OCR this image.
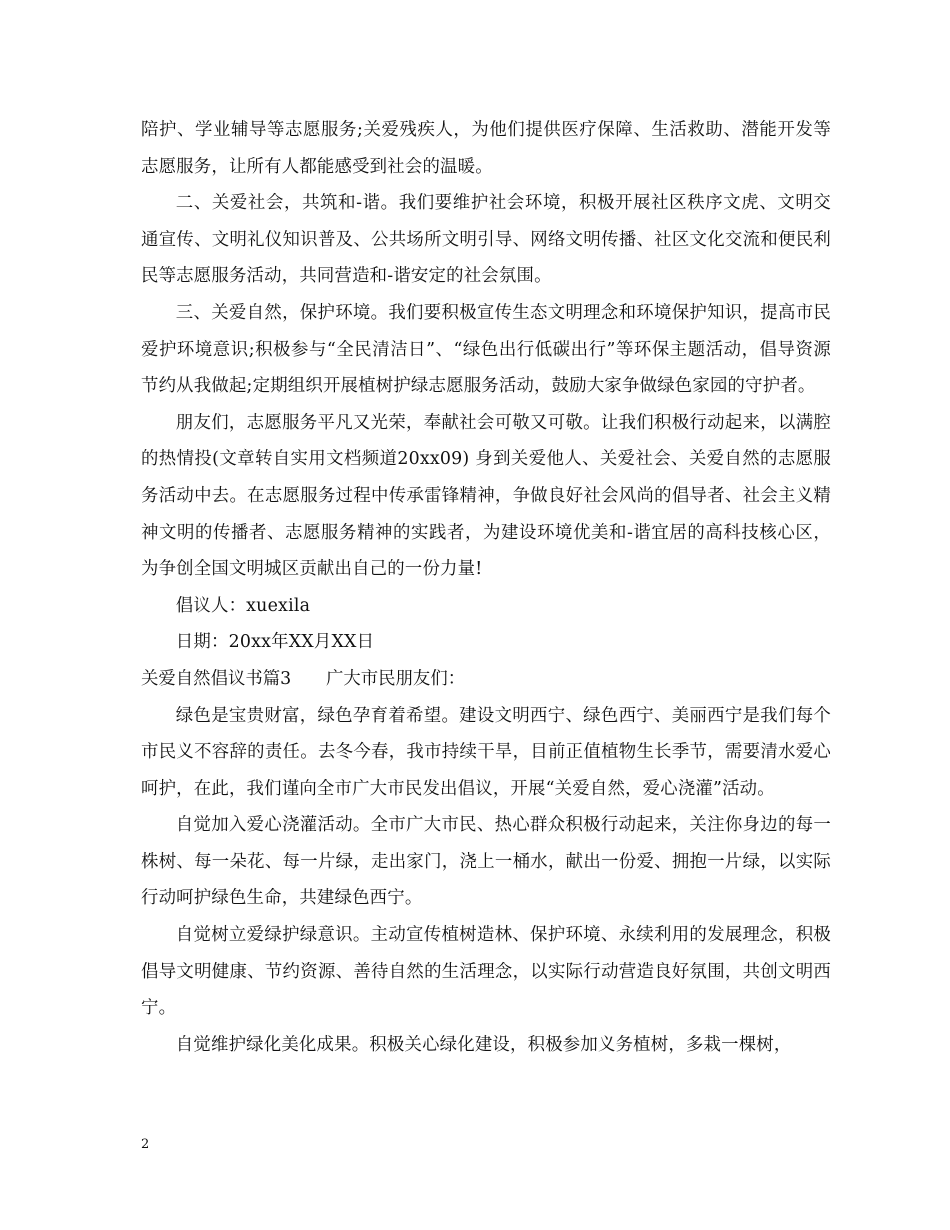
陪护、学业辅导等志愿服务;关爱残疾人，为他们提供医疗保障、生活救助、潜能开发等志愿服务，让所有人都能感受到社会的温暖。

二、关爱社会，共筑和-谐。我们要维护社会环境，积极开展社区秩序文虎、文明交通宣传、文明礼仪知识普及、公共场所文明引导、网络文明传播、社区文化交流和便民利民等志愿服务活动，共同营造和-谐安定的社会氛围。

三、关爱自然，保护环境。我们要积极宣传生态文明理念和环境保护知识，提高市民爱护环境意识;积极参与“全民清洁日”、“绿色出行低碳出行”等环保主题活动，倡导资源节约从我做起;定期组织开展植树护绿志愿服务活动，鼓励大家争做绿色家园的守护者。

朋友们，志愿服务平凡又光荣，奉献社会可敬又可敬。让我们积极行动起来，以满腔的热情投(文章转自实用文档频道20xx09) 身到关爱他人、关爱社会、关爱自然的志愿服务活动中去。在志愿服务过程中传承雷锋精神，争做良好社会风尚的倡导者、社会主义精神文明的传播者、志愿服务精神的实践者，为建设环境优美和-谐宜居的高科技核心区，为争创全国文明城区贡献出自己的一份力量!

倡议人：xuexila

日期：20xx年XX月XX日

关爱自然倡议书篇3　　广大市民朋友们：

绿色是宝贵财富，绿色孕育着希望。建设文明西宁、绿色西宁、美丽西宁是我们每个市民义不容辞的责任。去冬今春，我市持续干旱，目前正值植物生长季节，需要清水爱心呵护，在此，我们谨向全市广大市民发出倡议，开展“关爱自然，爱心浇灌”活动。

自觉加入爱心浇灌活动。全市广大市民、热心群众积极行动起来，关注你身边的每一株树、每一朵花、每一片绿，走出家门，浇上一桶水，献出一份爱、拥抱一片绿，以实际行动呵护绿色生命，共建绿色西宁。

自觉树立爱绿护绿意识。主动宣传植树造林、保护环境、永续利用的发展理念，积极倡导文明健康、节约资源、善待自然的生活理念，以实际行动营造良好氛围，共创文明西宁。

自觉维护绿化美化成果。积极关心绿化建设，积极参加义务植树，多栽一棵树，

2
